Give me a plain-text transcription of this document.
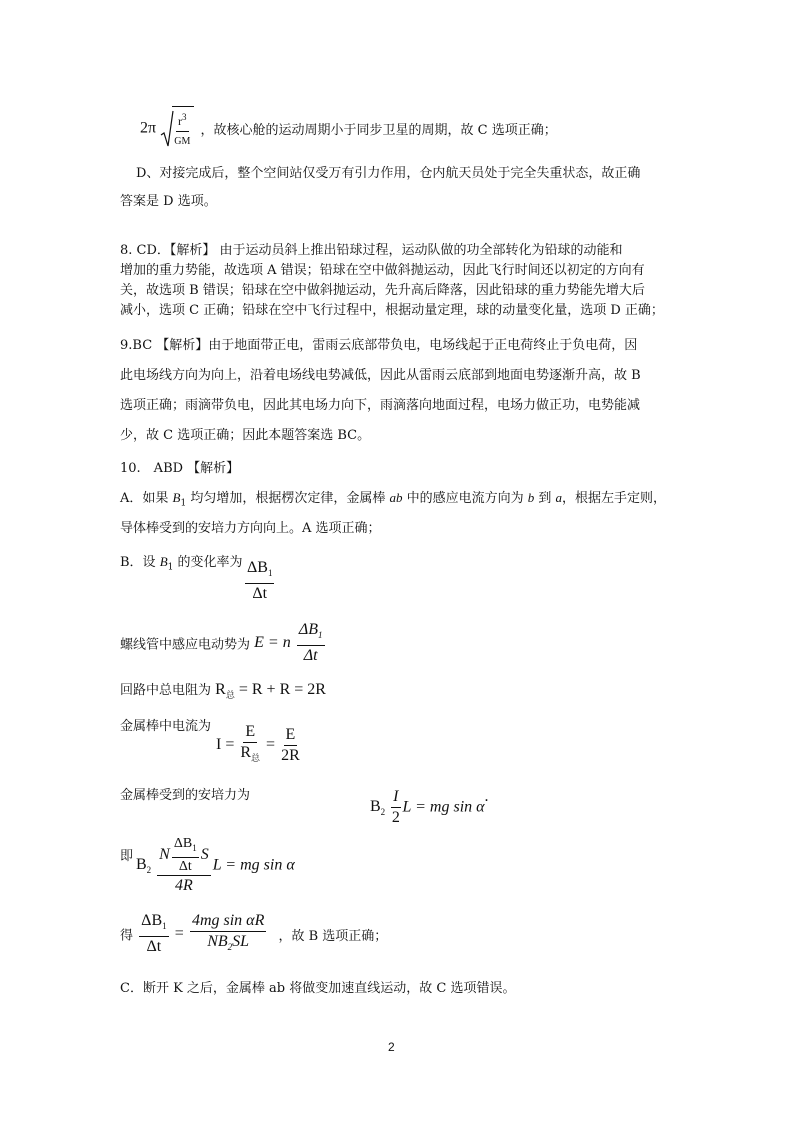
$2\pi \frac{r^3}{GM}$ ，故核心舱的运动周期小于同步卫星的周期，故 C 选项正确；
D、对接完成后，整个空间站仅受万有引力作用，仓内航天员处于完全失重状态，故正确
答案是 D 选项。
8. CD．【解析】 由于运动员斜上推出铅球过程，运动队做的功全部转化为铅球的动能和
增加的重力势能，故选项 A 错误；铅球在空中做斜抛运动，因此飞行时间还以初定的方向有
关，故选项 B 错误；铅球在空中做斜抛运动，先升高后降落，因此铅球的重力势能先增大后
减小，选项 C 正确；铅球在空中飞行过程中，根据动量定理，球的动量变化量，选项 D 正确；
9.BC 【解析】由于地面带正电，雷雨云底部带负电，电场线起于正电荷终止于负电荷，因
此电场线方向为向上，沿着电场线电势减低，因此从雷雨云底部到地面电势逐渐升高，故 B
选项正确；雨滴带负电，因此其电场力向下，雨滴落向地面过程，电场力做正功，电势能减
少，故 C 选项正确；因此本题答案选 BC。
10.　ABD 【解析】
A．如果 $B_1$ 均匀增加，根据楞次定律，金属棒 ab 中的感应电流方向为 b 到 a，根据左手定则，
导体棒受到的安培力方向向上。A 选项正确；
B．设 $B_1$ 的变化率为 $\frac{\Delta B_1}{\Delta t}$
螺线管中感应电动势为 E = n $\frac{\Delta B_1}{\Delta t}$
回路中总电阻为 $R_总 = R + R = 2R$
金属棒中电流为
$I = \frac{E}{R_总} = \frac{E}{2R}$
金属棒受到的安培力为
$B_2 \frac{I}{2}$ L = mg sin α.
即 $B_2 \frac{N \frac{\Delta B_1}{\Delta t} S}{4R}$ L = mg sin α
得 $\frac{\Delta B_1}{\Delta t} = \frac{\text{4mg sin αR}}{NB_2SL}$ ，故 B 选项正确；
C．断开 K 之后，金属棒 ab 将做变加速直线运动，故 C 选项错误。
2
